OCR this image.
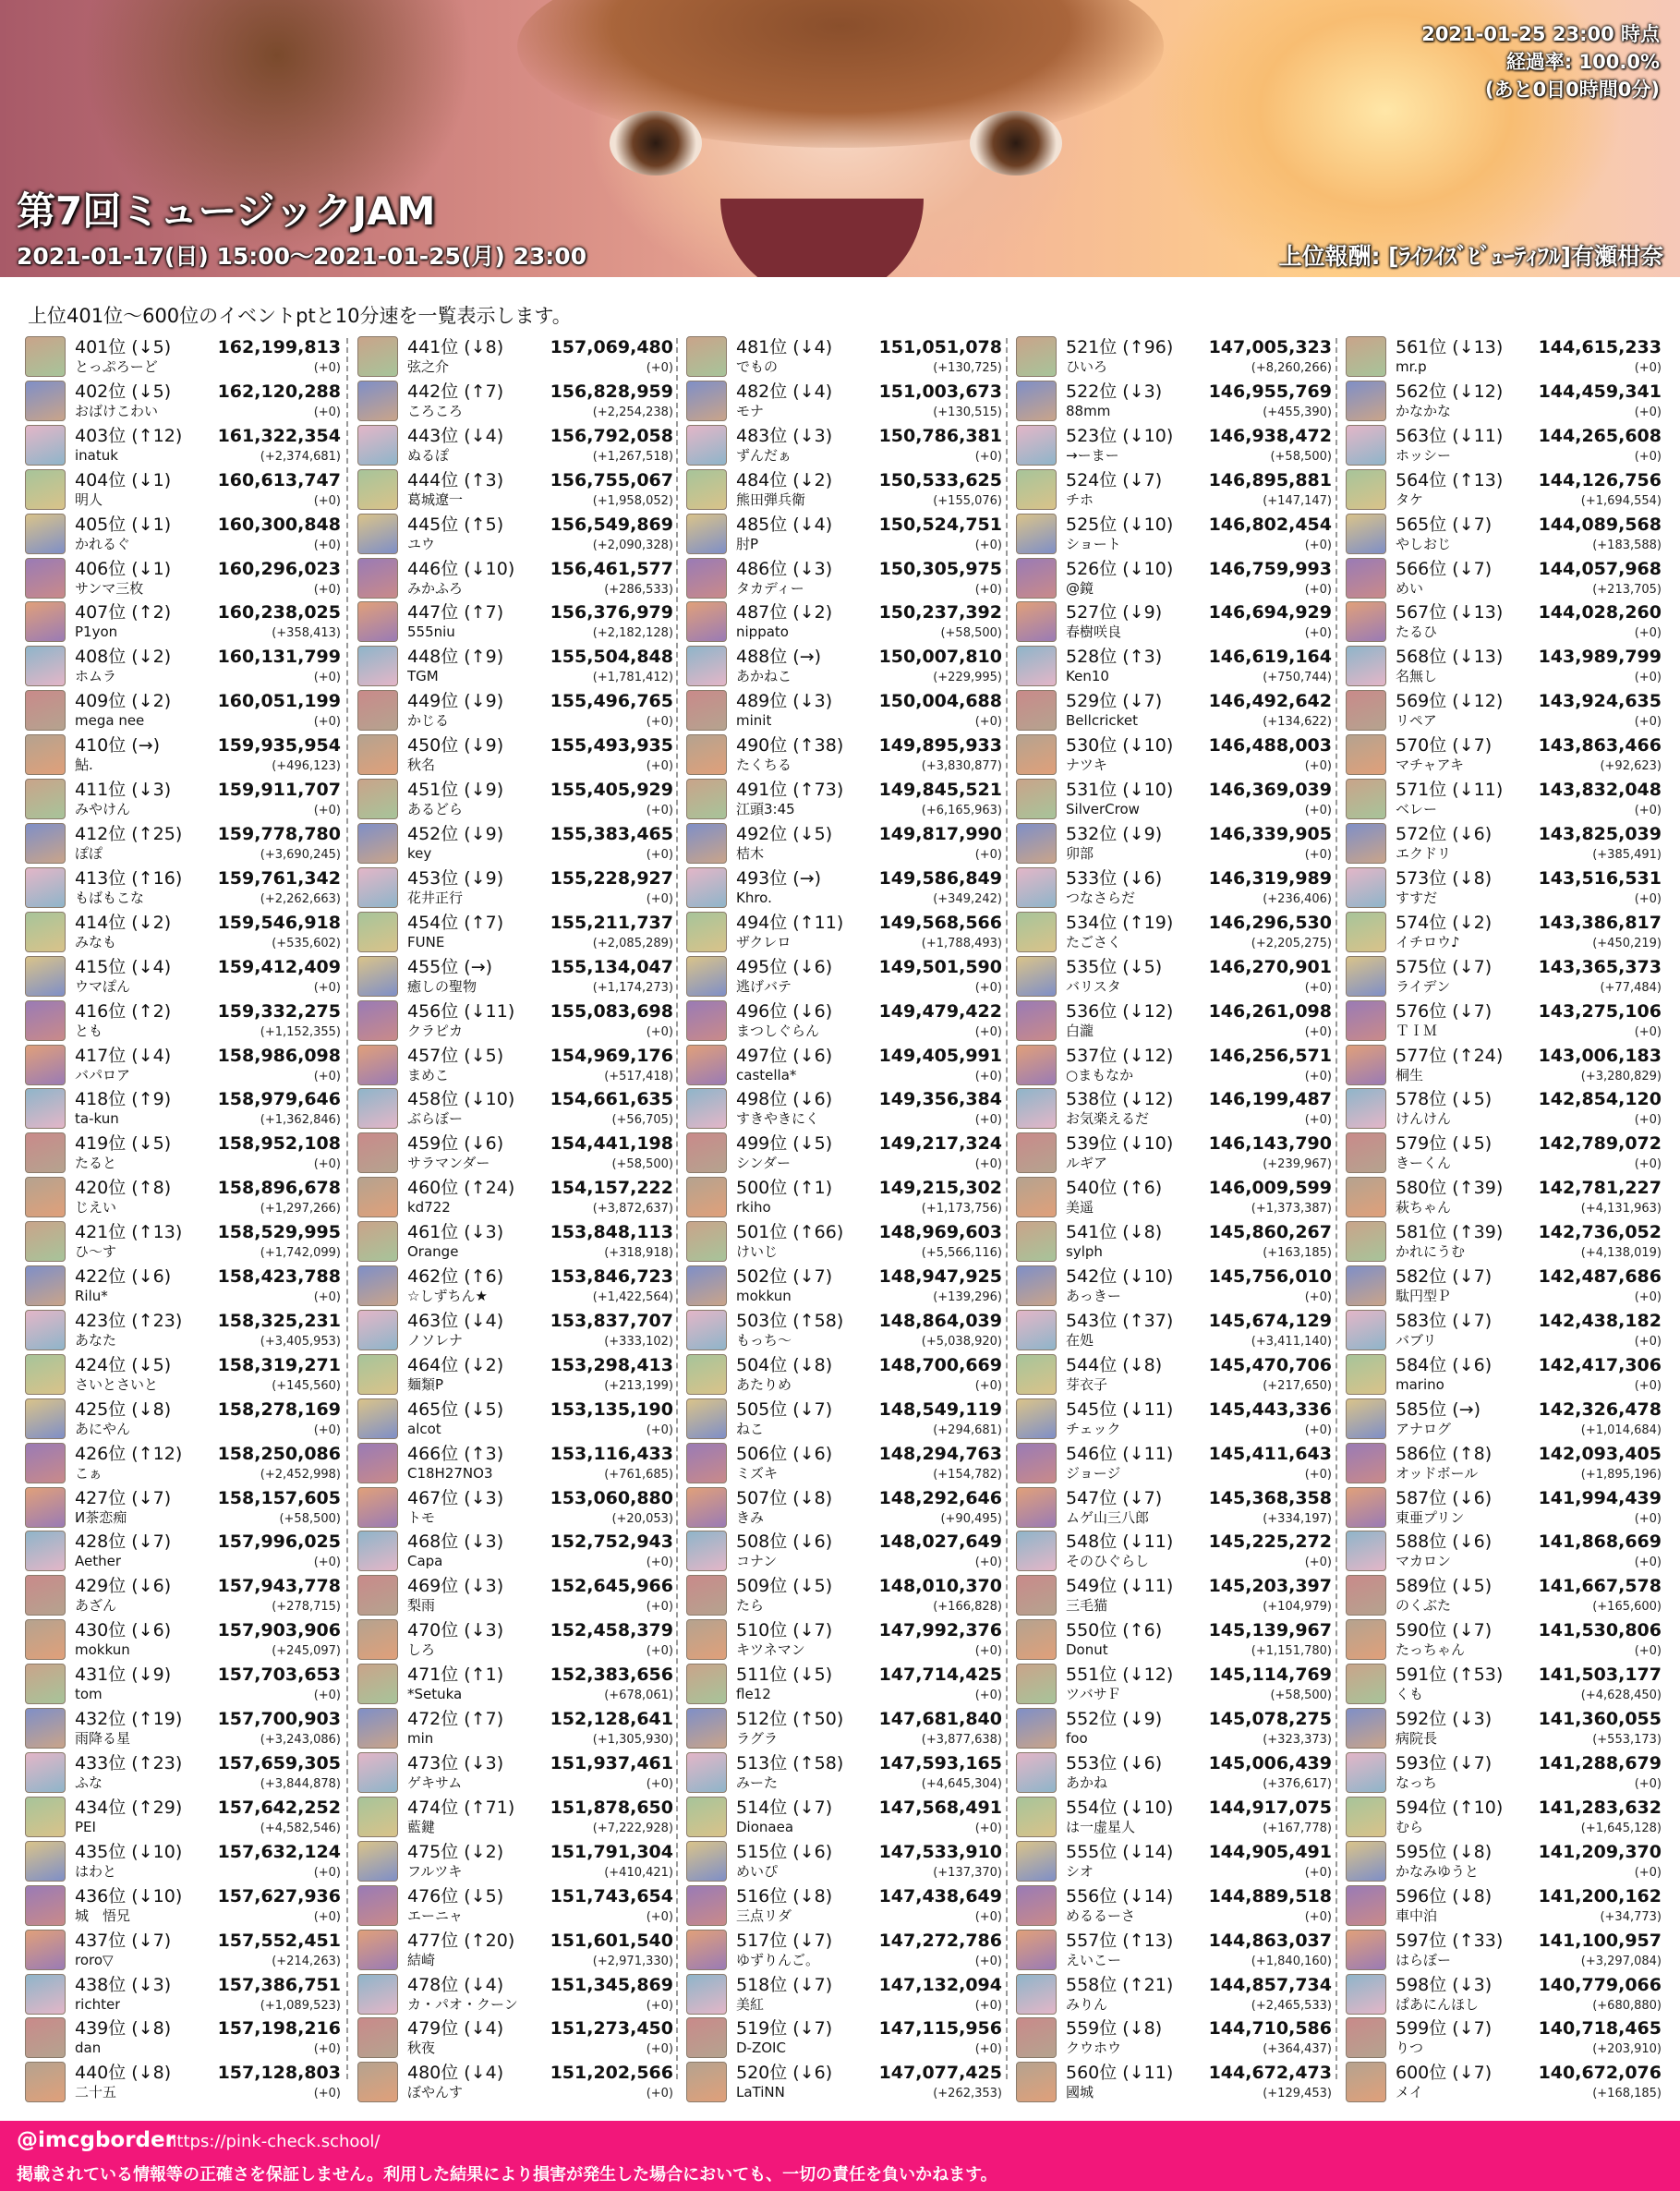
2021-01-25 23:00 時点
経過率: 100.0%
(あと0日0時間0分)
第7回ミュージックJAM
2021-01-17(日) 15:00～2021-01-25(月) 23:00	上位報酬: [ﾗｲﾌｲｽﾞﾋﾞｭｰﾃｨﾌﾙ]有瀬柑奈
上位401位～600位のイベントptと10分速を一覧表示します。
401位 (↓5)	162,199,813
とっぷろーど	(+0)
402位 (↓5)	162,120,288
おばけこわい	(+0)
403位 (↑12) 161,322,354
inatuk	(+2,374,681)
404位 (↓1)	160,613,747
明人	(+0)
405位 (↓1)	160,300,848
かれるぐ	(+0)
406位 (↓1)	160,296,023
サンマ三枚	(+0)
407位 (↑2)	160,238,025
P1yon	(+358,413)
408位 (↓2)	160,131,799
ホムラ	(+0)
409位 (↓2)	160,051,199
mega nee	(+0)
410位 (→)	159,935,954
鮎.	(+496,123)
411位 (↓3)	159,911,707
みやけん	(+0)
412位 (↑25) 159,778,780
ぽぽ	(+3,690,245)
413位 (↑16) 159,761,342
もばもこな	(+2,262,663)
414位 (↓2)	159,546,918
みなも	(+535,602)
415位 (↓4)	159,412,409
ウマぽん	(+0)
416位 (↑2)	159,332,275
とも	(+1,152,355)
417位 (↓4)	158,986,098
バパロア	(+0)
418位 (↑9)	158,979,646
ta-kun	(+1,362,846)
419位 (↓5)	158,952,108
たると	(+0)
420位 (↑8)	158,896,678
じえい	(+1,297,266)
421位 (↑13) 158,529,995
ひ～す	(+1,742,099)
422位 (↓6)	158,423,788
Rilu*	(+0)
423位 (↑23) 158,325,231
あなた	(+3,405,953)
424位 (↓5)	158,319,271
さいとさいと	(+145,560)
425位 (↓8)	158,278,169
あにやん	(+0)
426位 (↑12) 158,250,086
こぁ	(+2,452,998)
427位 (↓7)	158,157,605
И茶恋痴	(+58,500)
428位 (↓7)	157,996,025
Aether	(+0)
429位 (↓6)	157,943,778
あざん	(+278,715)
430位 (↓6)	157,903,906
mokkun	(+245,097)
431位 (↓9)	157,703,653
tom	(+0)
432位 (↑19) 157,700,903
雨降る星	(+3,243,086)
433位 (↑23) 157,659,305
ふな	(+3,844,878)
434位 (↑29) 157,642,252
PEI	(+4,582,546)
435位 (↓10) 157,632,124
はわと	(+0)
436位 (↓10) 157,627,936
城　悟兄	(+0)
437位 (↓7)	157,552,451
roro▽	(+214,263)
438位 (↓3)	157,386,751
richter	(+1,089,523)
439位 (↓8)	157,198,216
dan	(+0)
440位 (↓8)	157,128,803
二十五	(+0)
441位 (↓8)	157,069,480
弦之介	(+0)
442位 (↑7)	156,828,959
ころころ	(+2,254,238)
443位 (↓4)	156,792,058
ぬるぽ	(+1,267,518)
444位 (↑3)	156,755,067
葛城遼一	(+1,958,052)
445位 (↑5)	156,549,869
ユウ	(+2,090,328)
446位 (↓10) 156,461,577
みかふろ	(+286,533)
447位 (↑7)	156,376,979
555niu	(+2,182,128)
448位 (↑9)	155,504,848
TGM	(+1,781,412)
449位 (↓9)	155,496,765
かじる	(+0)
450位 (↓9)	155,493,935
秋名	(+0)
451位 (↓9)	155,405,929
あるどら	(+0)
452位 (↓9)	155,383,465
key	(+0)
453位 (↓9)	155,228,927
花井正行	(+0)
454位 (↑7)	155,211,737
FUNE	(+2,085,289)
455位 (→)	155,134,047
癒しの聖物	(+1,174,273)
456位 (↓11) 155,083,698
クラピカ	(+0)
457位 (↓5)	154,969,176
まめこ	(+517,418)
458位 (↓10) 154,661,635
ぶらぼー	(+56,705)
459位 (↓6)	154,441,198
サラマンダー	(+58,500)
460位 (↑24) 154,157,222
kd722	(+3,872,637)
461位 (↓3)	153,848,113
Orange	(+318,918)
462位 (↑6)	153,846,723
☆しずちん★	(+1,422,564)
463位 (↓4)	153,837,707
ノソレナ	(+333,102)
464位 (↓2)	153,298,413
麺類P	(+213,199)
465位 (↓5)	153,135,190
alcot	(+0)
466位 (↑3)	153,116,433
C18H27NO3	(+761,685)
467位 (↓3)	153,060,880
トモ	(+20,053)
468位 (↓3)	152,752,943
Capa	(+0)
469位 (↓3)	152,645,966
梨雨	(+0)
470位 (↓3)	152,458,379
しろ	(+0)
471位 (↑1)	152,383,656
*Setuka	(+678,061)
472位 (↑7)	152,128,641
min	(+1,305,930)
473位 (↓3)	151,937,461
ゲキサム	(+0)
474位 (↑71) 151,878,650
藍鍵	(+7,222,928)
475位 (↓2)	151,791,304
フルツキ	(+410,421)
476位 (↓5)	151,743,654
エーニャ	(+0)
477位 (↑20) 151,601,540
結崎	(+2,971,330)
478位 (↓4)	151,345,869
カ・パオ・クーン	(+0)
479位 (↓4)	151,273,450
秋夜	(+0)
480位 (↓4)	151,202,566
ぼやんす	(+0)
481位 (↓4)	151,051,078
でもの	(+130,725)
482位 (↓4)	151,003,673
モナ	(+130,515)
483位 (↓3)	150,786,381
ずんだぁ	(+0)
484位 (↓2)	150,533,625
熊田弾兵衛	(+155,076)
485位 (↓4)	150,524,751
肘P	(+0)
486位 (↓3)	150,305,975
タカディー	(+0)
487位 (↓2)	150,237,392
nippato	(+58,500)
488位 (→)	150,007,810
あかねこ	(+229,995)
489位 (↓3)	150,004,688
minit	(+0)
490位 (↑38) 149,895,933
たくちる	(+3,830,877)
491位 (↑73) 149,845,521
江頭3:45	(+6,165,963)
492位 (↓5)	149,817,990
桔木	(+0)
493位 (→)	149,586,849
Khro.	(+349,242)
494位 (↑11) 149,568,566
ザクレロ	(+1,788,493)
495位 (↓6)	149,501,590
逃げバテ	(+0)
496位 (↓6)	149,479,422
まつしぐらん	(+0)
497位 (↓6)	149,405,991
castella*	(+0)
498位 (↓6)	149,356,384
すきやきにく	(+0)
499位 (↓5)	149,217,324
シンダー	(+0)
500位 (↑1)	149,215,302
rkiho	(+1,173,756)
501位 (↑66) 148,969,603
けいじ	(+5,566,116)
502位 (↓7)	148,947,925
mokkun	(+139,296)
503位 (↑58) 148,864,039
もっち～	(+5,038,920)
504位 (↓8)	148,700,669
あたりめ	(+0)
505位 (↓7)	148,549,119
ねこ	(+294,681)
506位 (↓6)	148,294,763
ミズキ	(+154,782)
507位 (↓8)	148,292,646
きみ	(+90,495)
508位 (↓6)	148,027,649
コナン	(+0)
509位 (↓5)	148,010,370
たら	(+166,828)
510位 (↓7)	147,992,376
キツネマン	(+0)
511位 (↓5)	147,714,425
fle12	(+0)
512位 (↑50) 147,681,840
ラグラ	(+3,877,638)
513位 (↑58) 147,593,165
みーた	(+4,645,304)
514位 (↓7)	147,568,491
Dionaea	(+0)
515位 (↓6)	147,533,910
めいぴ	(+137,370)
516位 (↓8)	147,438,649
三点リダ	(+0)
517位 (↓7)	147,272,786
ゆずりんご。	(+0)
518位 (↓7)	147,132,094
美紅	(+0)
519位 (↓7)	147,115,956
D-ZOIC	(+0)
520位 (↓6)	147,077,425
LaTiNN	(+262,353)
521位 (↑96) 147,005,323
ひいろ	(+8,260,266)
522位 (↓3)	146,955,769
88mm	(+455,390)
523位 (↓10) 146,938,472
→ーまー	(+58,500)
524位 (↓7)	146,895,881
チホ	(+147,147)
525位 (↓10) 146,802,454
ショート	(+0)
526位 (↓10) 146,759,993
@鏡	(+0)
527位 (↓9)	146,694,929
春樹咲良	(+0)
528位 (↑3)	146,619,164
Ken10	(+750,744)
529位 (↓7)	146,492,642
Bellcricket	(+134,622)
530位 (↓10) 146,488,003
ナツキ	(+0)
531位 (↓10) 146,369,039
SilverCrow	(+0)
532位 (↓9)	146,339,905
卯部	(+0)
533位 (↓6)	146,319,989
つなさらだ	(+236,406)
534位 (↑19) 146,296,530
たごさく	(+2,205,275)
535位 (↓5)	146,270,901
バリスタ	(+0)
536位 (↓12) 146,261,098
白瀧	(+0)
537位 (↓12) 146,256,571
○まもなか	(+0)
538位 (↓12) 146,199,487
お気楽えるだ	(+0)
539位 (↓10) 146,143,790
ルギア	(+239,967)
540位 (↑6)	146,009,599
美遥	(+1,373,387)
541位 (↓8)	145,860,267
sylph	(+163,185)
542位 (↓10) 145,756,010
あっきー	(+0)
543位 (↑37) 145,674,129
在処	(+3,411,140)
544位 (↓8)	145,470,706
芽衣子	(+217,650)
545位 (↓11) 145,443,336
チェック	(+0)
546位 (↓11) 145,411,643
ジョージ	(+0)
547位 (↓7)	145,368,358
ムゲ山三八郎	(+334,197)
548位 (↓11) 145,225,272
そのひぐらし	(+0)
549位 (↓11) 145,203,397
三毛猫	(+104,979)
550位 (↑6)	145,139,967
Donut	(+1,151,780)
551位 (↓12) 145,114,769
ツバサＦ	(+58,500)
552位 (↓9)	145,078,275
foo	(+323,373)
553位 (↓6)	145,006,439
あかね	(+376,617)
554位 (↓10) 144,917,075
は一虚星人	(+167,778)
555位 (↓14) 144,905,491
シオ	(+0)
556位 (↓14) 144,889,518
めるるーさ	(+0)
557位 (↑13) 144,863,037
えいこー	(+1,840,160)
558位 (↑21) 144,857,734
みりん	(+2,465,533)
559位 (↓8)	144,710,586
クウホウ	(+364,437)
560位 (↓11) 144,672,473
國城	(+129,453)
561位 (↓13) 144,615,233
mr.p	(+0)
562位 (↓12) 144,459,341
かなかな	(+0)
563位 (↓11) 144,265,608
ホッシー	(+0)
564位 (↑13) 144,126,756
タケ	(+1,694,554)
565位 (↓7)	144,089,568
やしおじ	(+183,588)
566位 (↓7)	144,057,968
めい	(+213,705)
567位 (↓13) 144,028,260
たるひ	(+0)
568位 (↓13) 143,989,799
名無し	(+0)
569位 (↓12) 143,924,635
リペア	(+0)
570位 (↓7)	143,863,466
マチャアキ	(+92,623)
571位 (↓11) 143,832,048
ベレー	(+0)
572位 (↓6)	143,825,039
エクドリ	(+385,491)
573位 (↓8)	143,516,531
すすだ	(+0)
574位 (↓2)	143,386,817
イチロウ♪	(+450,219)
575位 (↓7)	143,365,373
ライデン	(+77,484)
576位 (↓7)	143,275,106
ＴＩＭ	(+0)
577位 (↑24) 143,006,183
桐生	(+3,280,829)
578位 (↓5)	142,854,120
けんけん	(+0)
579位 (↓5)	142,789,072
きーくん	(+0)
580位 (↑39) 142,781,227
萩ちゃん	(+4,131,963)
581位 (↑39) 142,736,052
かれにうむ	(+4,138,019)
582位 (↓7)	142,487,686
駄円型Ｐ	(+0)
583位 (↓7)	142,438,182
バブリ	(+0)
584位 (↓6)	142,417,306
marino	(+0)
585位 (→)	142,326,478
アナログ	(+1,014,684)
586位 (↑8)	142,093,405
オッドボール	(+1,895,196)
587位 (↓6)	141,994,439
東亜プリン	(+0)
588位 (↓6)	141,868,669
マカロン	(+0)
589位 (↓5)	141,667,578
のくぶた	(+165,600)
590位 (↓7)	141,530,806
たっちゃん	(+0)
591位 (↑53) 141,503,177
くも	(+4,628,450)
592位 (↓3)	141,360,055
病院長	(+553,173)
593位 (↓7)	141,288,679
なっち	(+0)
594位 (↑10) 141,283,632
むら	(+1,645,128)
595位 (↓8)	141,209,370
かなみゆうと	(+0)
596位 (↓8)	141,200,162
車中泊	(+34,773)
597位 (↑33) 141,100,957
はらぼー	(+3,297,084)
598位 (↓3)	140,779,066
ぱあにんほし	(+680,880)
599位 (↓7)	140,718,465
りつ	(+203,910)
600位 (↓7)	140,672,076
メイ	(+168,185)
@imcgborder
https://pink-check.school/
掲載されている情報等の正確さを保証しません。利用した結果により損害が発生した場合においても、一切の責任を負いかねます。
